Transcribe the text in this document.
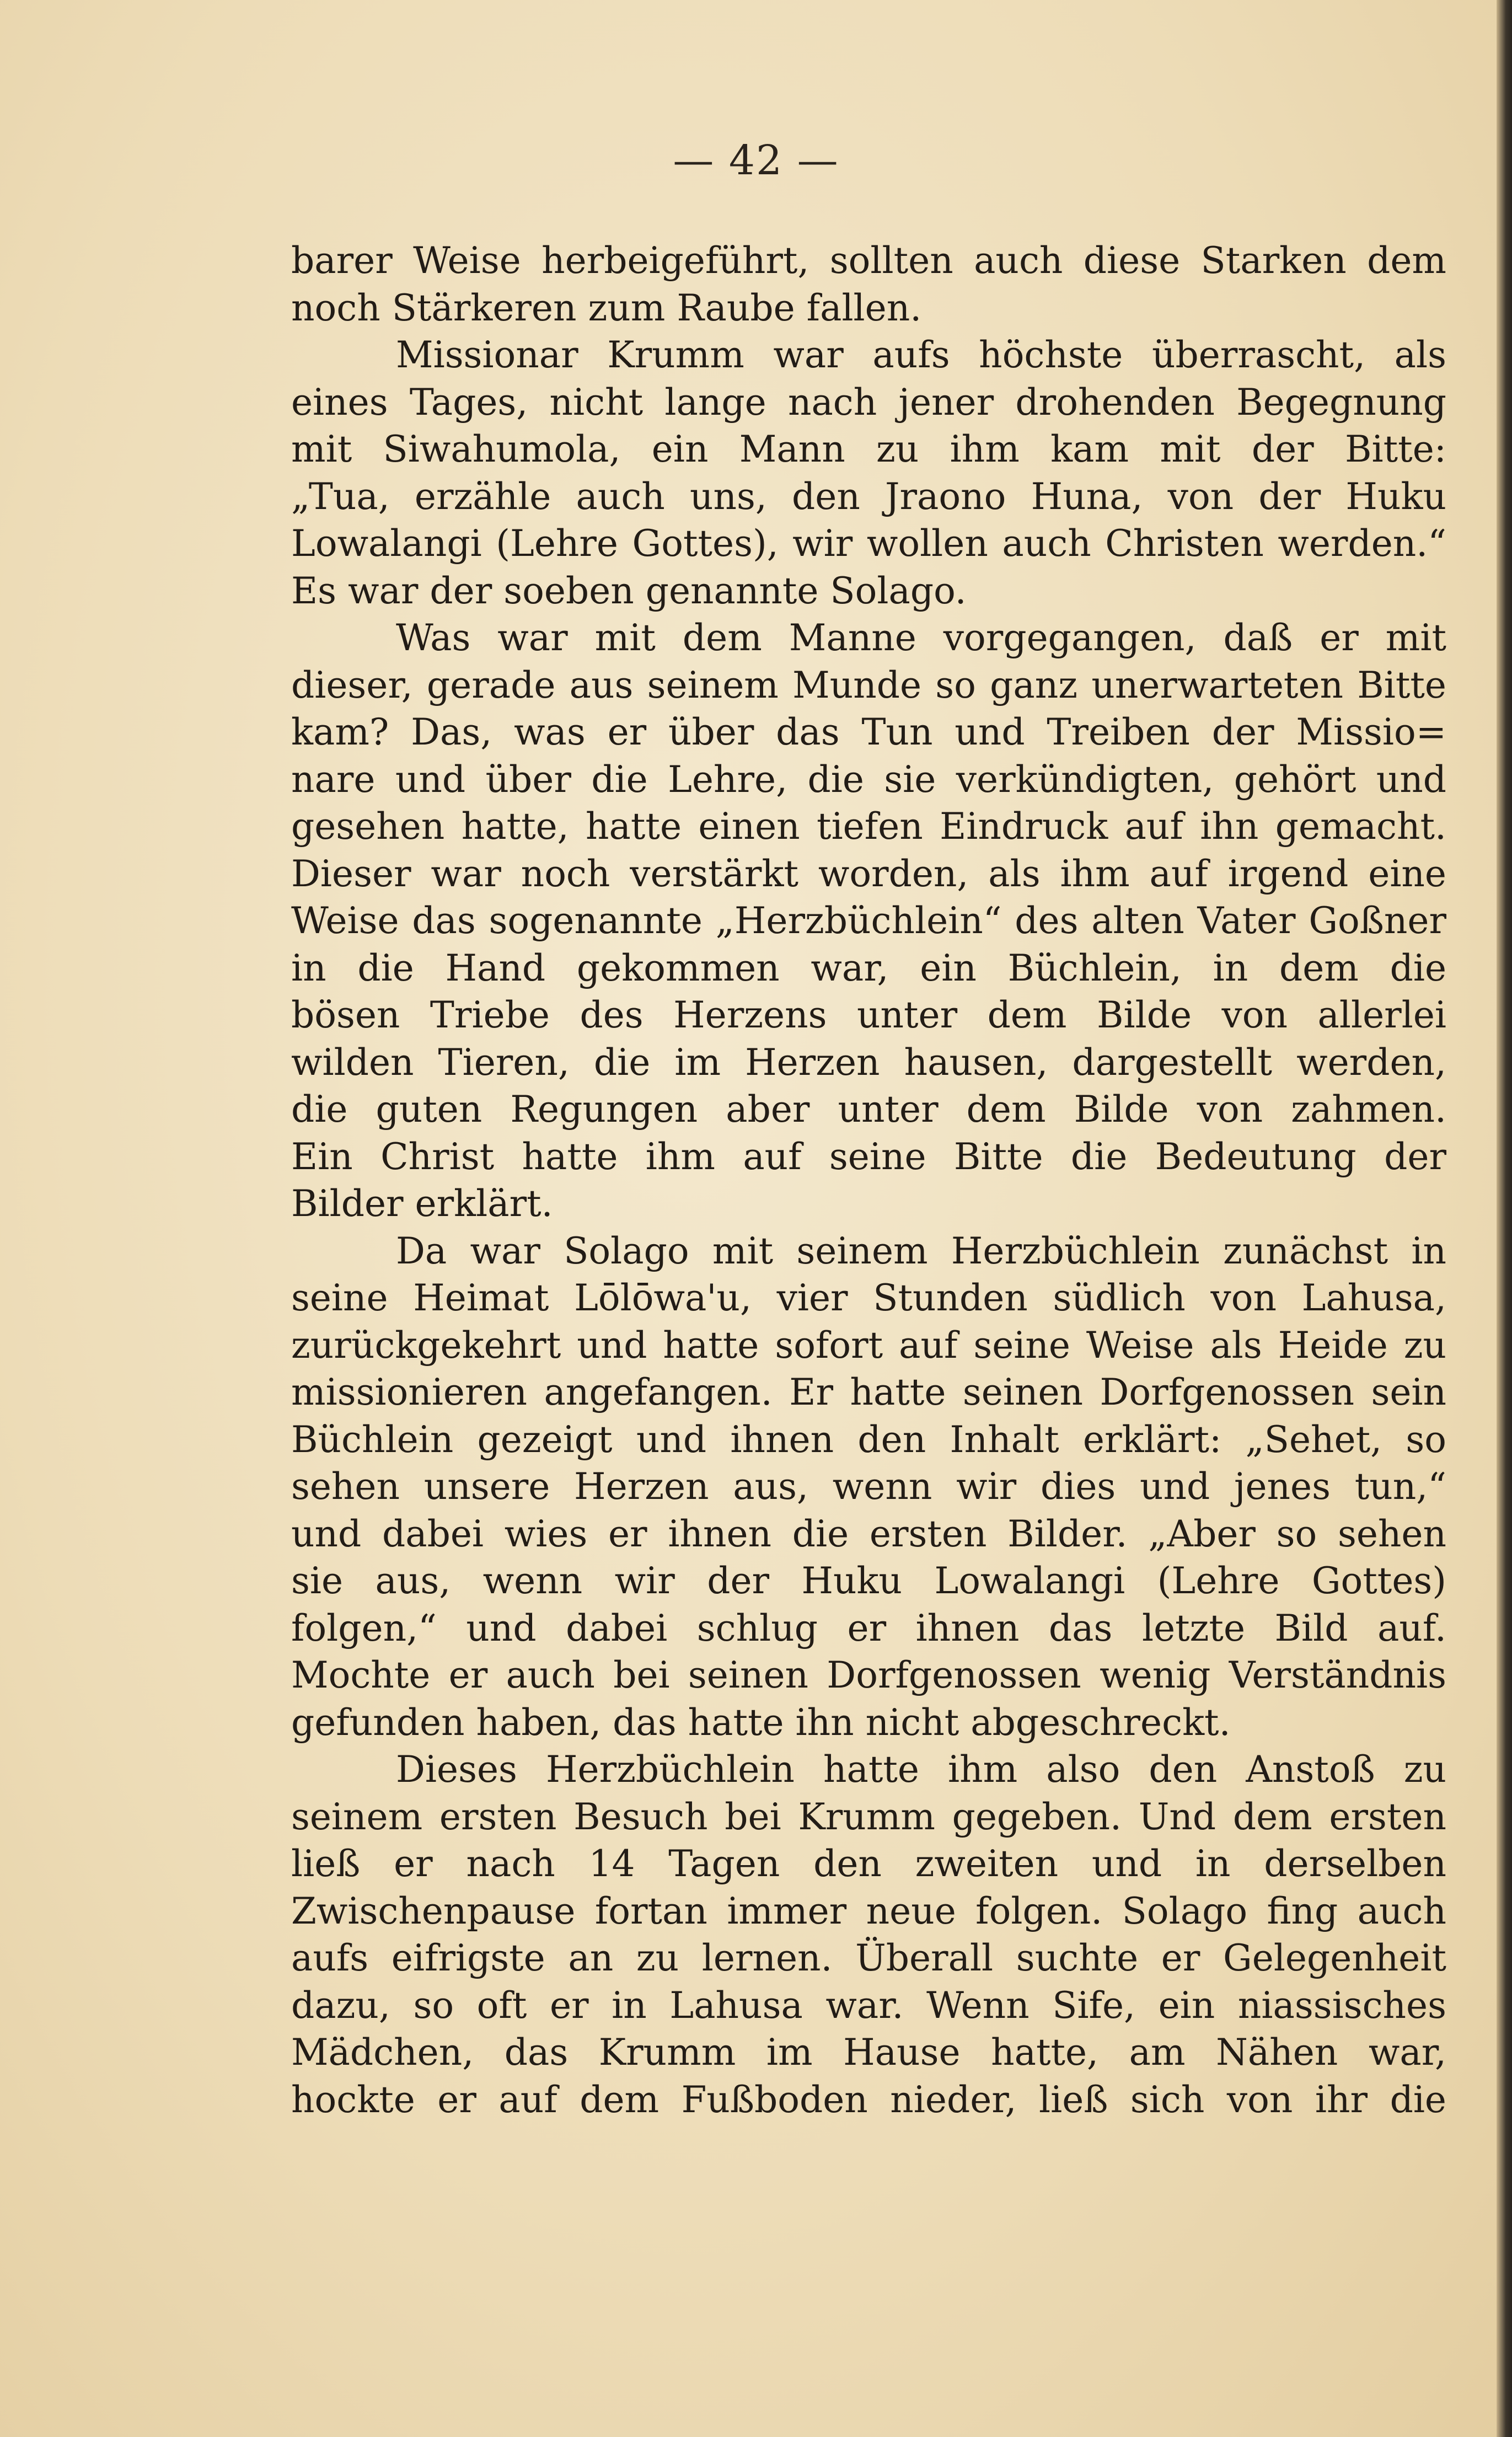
— 42 —
barer Weise herbeigeführt, sollten auch diese Starken dem
noch Stärkeren zum Raube fallen.
Missionar Krumm war aufs höchste überrascht, als
eines Tages, nicht lange nach jener drohenden Begegnung
mit Siwahumola, ein Mann zu ihm kam mit der Bitte:
„Tua, erzähle auch uns, den Jraono Huna, von der Huku
Lowalangi (Lehre Gottes), wir wollen auch Christen werden.“
Es war der soeben genannte Solago.
Was war mit dem Manne vorgegangen, daß er mit
dieser, gerade aus seinem Munde so ganz unerwarteten Bitte
kam? Das, was er über das Tun und Treiben der Missio=
nare und über die Lehre, die sie verkündigten, gehört und
gesehen hatte, hatte einen tiefen Eindruck auf ihn gemacht.
Dieser war noch verstärkt worden, als ihm auf irgend eine
Weise das sogenannte „Herzbüchlein“ des alten Vater Goßner
in die Hand gekommen war, ein Büchlein, in dem die
bösen Triebe des Herzens unter dem Bilde von allerlei
wilden Tieren, die im Herzen hausen, dargestellt werden,
die guten Regungen aber unter dem Bilde von zahmen.
Ein Christ hatte ihm auf seine Bitte die Bedeutung der
Bilder erklärt.
Da war Solago mit seinem Herzbüchlein zunächst in
seine Heimat Lōlōwa'u, vier Stunden südlich von Lahusa,
zurückgekehrt und hatte sofort auf seine Weise als Heide zu
missionieren angefangen. Er hatte seinen Dorfgenossen sein
Büchlein gezeigt und ihnen den Inhalt erklärt: „Sehet, so
sehen unsere Herzen aus, wenn wir dies und jenes tun,“
und dabei wies er ihnen die ersten Bilder. „Aber so sehen
sie aus, wenn wir der Huku Lowalangi (Lehre Gottes)
folgen,“ und dabei schlug er ihnen das letzte Bild auf.
Mochte er auch bei seinen Dorfgenossen wenig Verständnis
gefunden haben, das hatte ihn nicht abgeschreckt.
Dieses Herzbüchlein hatte ihm also den Anstoß zu
seinem ersten Besuch bei Krumm gegeben. Und dem ersten
ließ er nach 14 Tagen den zweiten und in derselben
Zwischenpause fortan immer neue folgen. Solago fing auch
aufs eifrigste an zu lernen. Überall suchte er Gelegenheit
dazu, so oft er in Lahusa war. Wenn Sife, ein niassisches
Mädchen, das Krumm im Hause hatte, am Nähen war,
hockte er auf dem Fußboden nieder, ließ sich von ihr die
